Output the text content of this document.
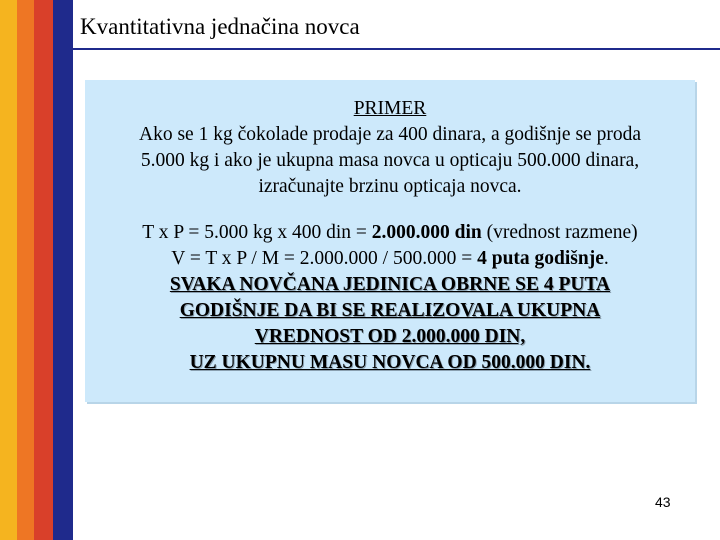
Kvantitativna jednačina novca
PRIMER
Ako se 1 kg čokolade prodaje za 400 dinara, a godišnje se proda
5.000 kg i ako je ukupna masa novca u opticaju 500.000 dinara,
izračunajte brzinu opticaja novca.
T x P = 5.000 kg x 400 din = 2.000.000 din (vrednost razmene)
V = T x P / M = 2.000.000 / 500.000 = 4 puta godišnje.
SVAKA NOVČANA JEDINICA OBRNE SE 4 PUTA
GODIŠNJE DA BI SE REALIZOVALA UKUPNA
VREDNOST OD 2.000.000 DIN,
UZ UKUPNU MASU NOVCA OD 500.000 DIN.
43
